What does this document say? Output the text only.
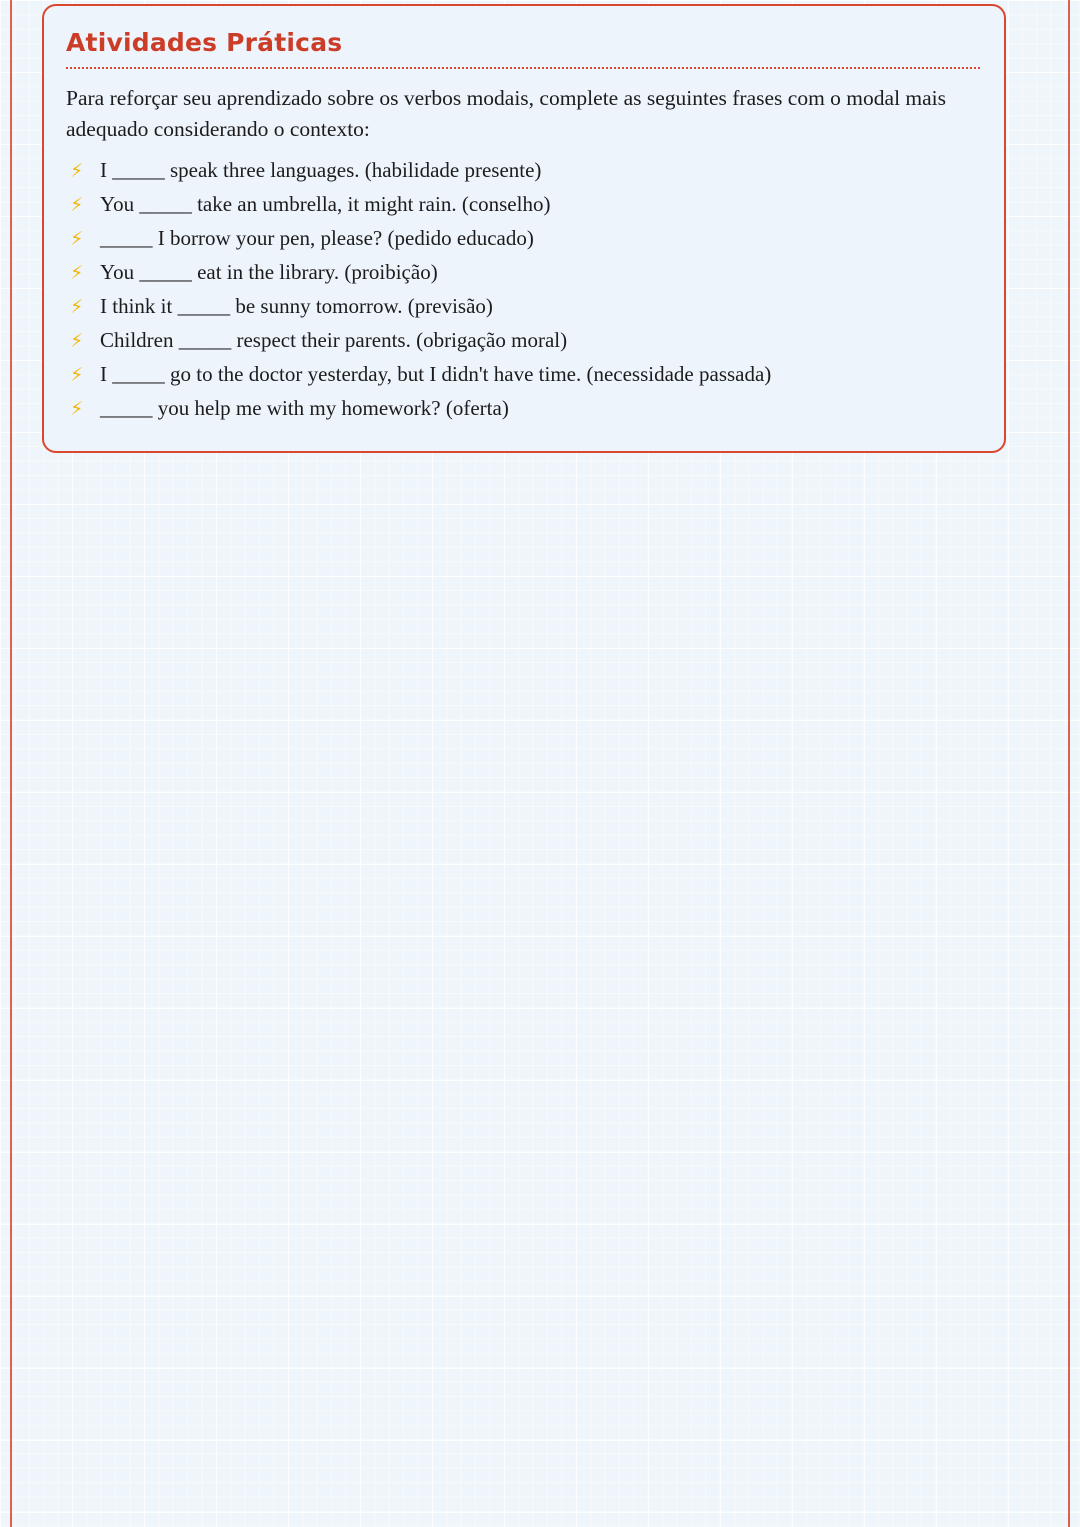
Atividades Práticas

Para reforçar seu aprendizado sobre os verbos modais, complete as seguintes frases com o modal mais adequado considerando o contexto:

⚡ I _____ speak three languages. (habilidade presente)
⚡ You _____ take an umbrella, it might rain. (conselho)
⚡ _____ I borrow your pen, please? (pedido educado)
⚡ You _____ eat in the library. (proibição)
⚡ I think it _____ be sunny tomorrow. (previsão)
⚡ Children _____ respect their parents. (obrigação moral)
⚡ I _____ go to the doctor yesterday, but I didn't have time. (necessidade passada)
⚡ _____ you help me with my homework? (oferta)
